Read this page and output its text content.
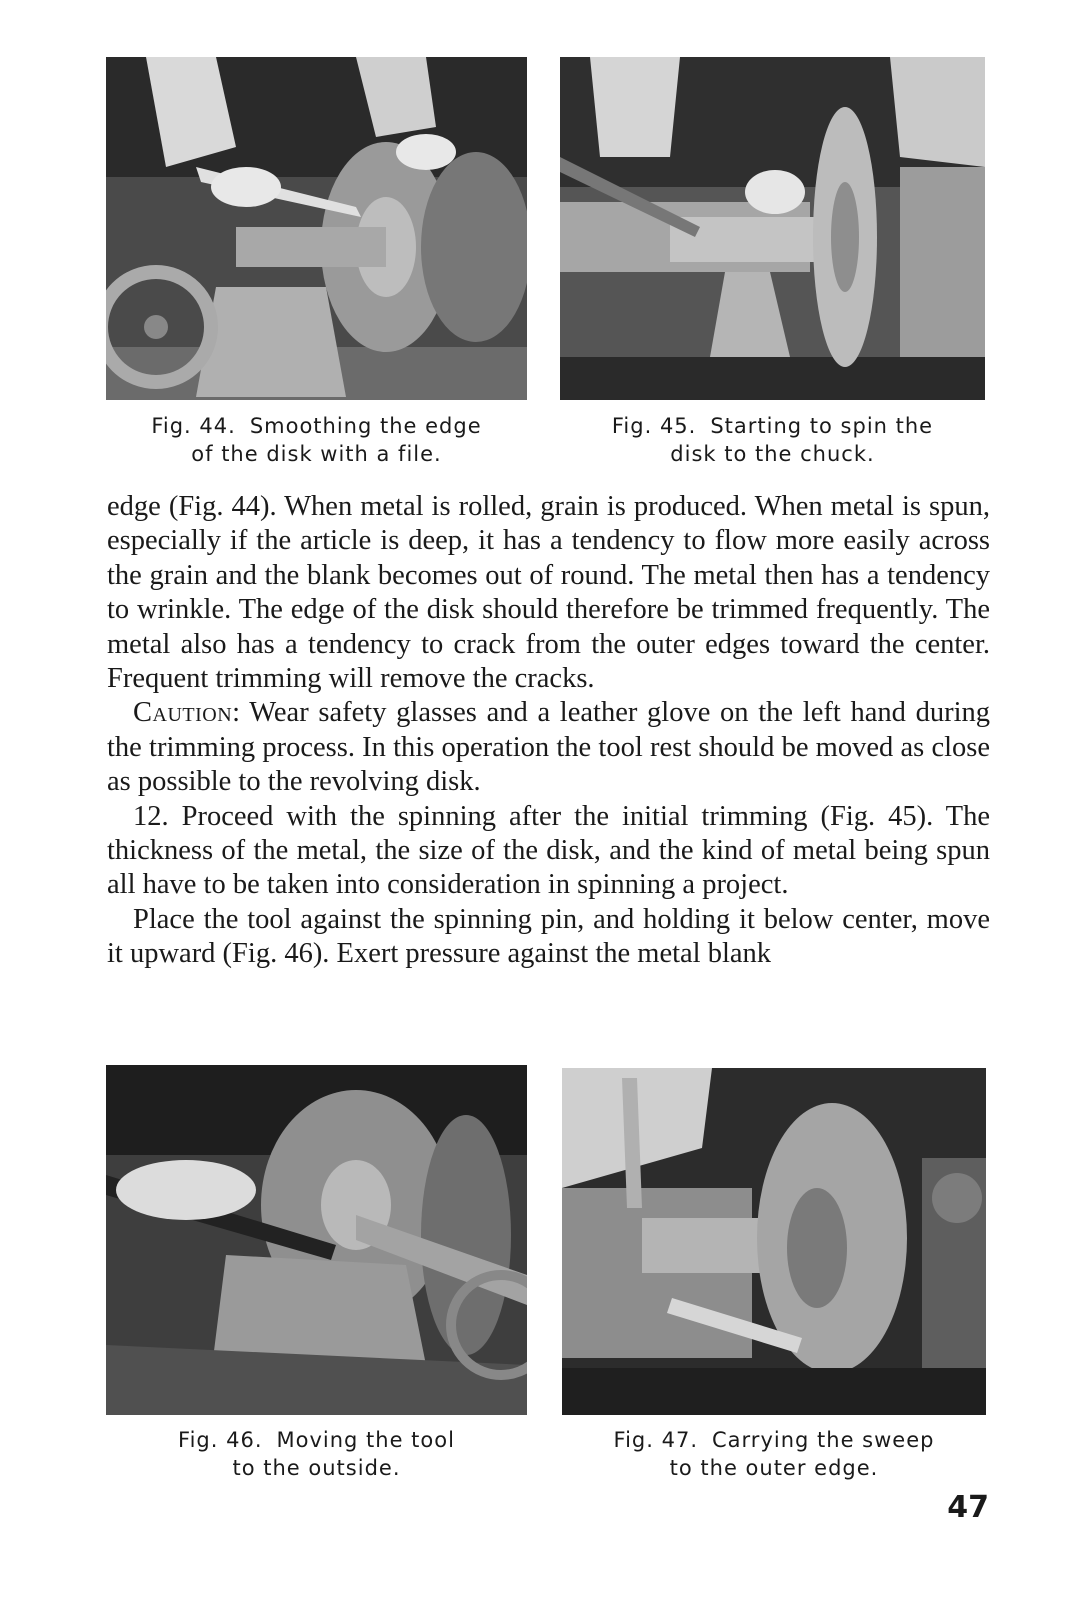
Fig. 44. Smoothing the edge
of the disk with a file.
Fig. 45. Starting to spin the
disk to the chuck.

edge (Fig. 44). When metal is rolled, grain is produced. When metal is spun, especially if the article is deep, it has a tendency to flow more easily across the grain and the blank becomes out of round. The metal then has a tendency to wrinkle. The edge of the disk should therefore be trimmed frequently. The metal also has a tendency to crack from the outer edges toward the center. Frequent trimming will remove the cracks.

Caution: Wear safety glasses and a leather glove on the left hand during the trimming process. In this operation the tool rest should be moved as close as possible to the revolving disk.

12. Proceed with the spinning after the initial trimming (Fig. 45). The thickness of the metal, the size of the disk, and the kind of metal being spun all have to be taken into consideration in spinning a project.

Place the tool against the spinning pin, and holding it below center, move it upward (Fig. 46). Exert pressure against the metal blank

Fig. 46. Moving the tool
to the outside.
Fig. 47. Carrying the sweep
to the outer edge.
47
